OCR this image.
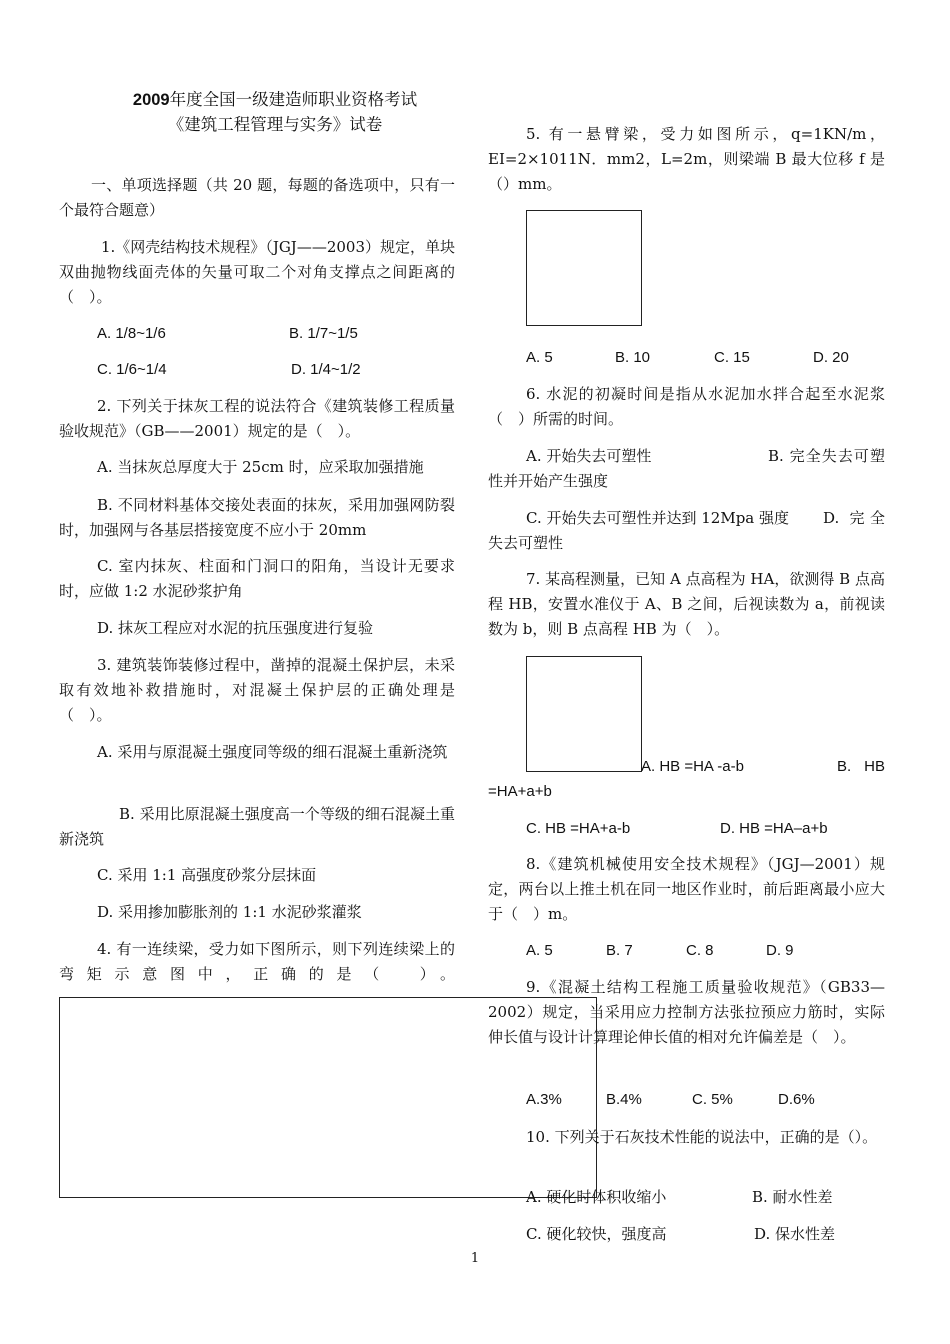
2009年度全国一级建造师职业资格考试
《建筑工程管理与实务》试卷

一、单项选择题（共 20 题，每题的备选项中，只有一个最符合题意）

1.《网壳结构技术规程》（JGJ——2003）规定，单块双曲抛物线面壳体的矢量可取二个对角支撑点之间距离的（　）。

A. 1/8~1/6	B. 1/7~1/5

C. 1/6~1/4	D. 1/4~1/2

2. 下列关于抹灰工程的说法符合《建筑装修工程质量验收规范》（GB——2001）规定的是（　）。

A. 当抹灰总厚度大于 25cm 时，应采取加强措施

B. 不同材料基体交接处表面的抹灰，采用加强网防裂时，加强网与各基层搭接宽度不应小于 20mm

C. 室内抹灰、柱面和门洞口的阳角，当设计无要求时，应做 1:2 水泥砂浆护角

D. 抹灰工程应对水泥的抗压强度进行复验

3. 建筑装饰装修过程中，凿掉的混凝土保护层，未采取有效地补救措施时，对混凝土保护层的正确处理是（　）。

A. 采用与原混凝土强度同等级的细石混凝土重新浇筑

B. 采用比原混凝土强度高一个等级的细石混凝土重新浇筑

C. 采用 1:1 高强度砂浆分层抹面

D. 采用掺加膨胀剂的 1:1 水泥砂浆灌浆

4. 有一连续梁，受力如下图所示，则下列连续梁上的弯矩示意图中，正确的是（　）。

5. 有一悬臂梁，受力如图所示，q=1KN/m，EI=2×1011N．mm2，L=2m，则梁端 B 最大位移 f 是（）mm。

A. 5	B. 10	C. 15	D. 20

6. 水泥的初凝时间是指从水泥加水拌合起至水泥浆（　）所需的时间。

A. 开始失去可塑性	B. 完全失去可塑性并开始产生强度

C. 开始失去可塑性并达到 12Mpa 强度	D. 完全失去可塑性

7. 某高程测量，已知 A 点高程为 HA，欲测得 B 点高程 HB，安置水准仪于 A、B 之间，后视读数为 a，前视读数为 b，则 B 点高程 HB 为（　）。

A. HB =HA -a-b	B. HB =HA+a+b

C. HB =HA+a-b	D. HB =HA–a+b

8.《建筑机械使用安全技术规程》（JGJ—2001）规定，两台以上推土机在同一地区作业时，前后距离最小应大于（　）m。

A. 5	B. 7	C. 8	D. 9

9.《混凝土结构工程施工质量验收规范》（GB33—2002）规定，当采用应力控制方法张拉预应力筋时，实际伸长值与设计计算理论伸长值的相对允许偏差是（　）。

A.3%	B.4%	C. 5%	D.6%

10. 下列关于石灰技术性能的说法中，正确的是（）。

A. 硬化时体积收缩小	B. 耐水性差

C. 硬化较快，强度高	D. 保水性差

1
